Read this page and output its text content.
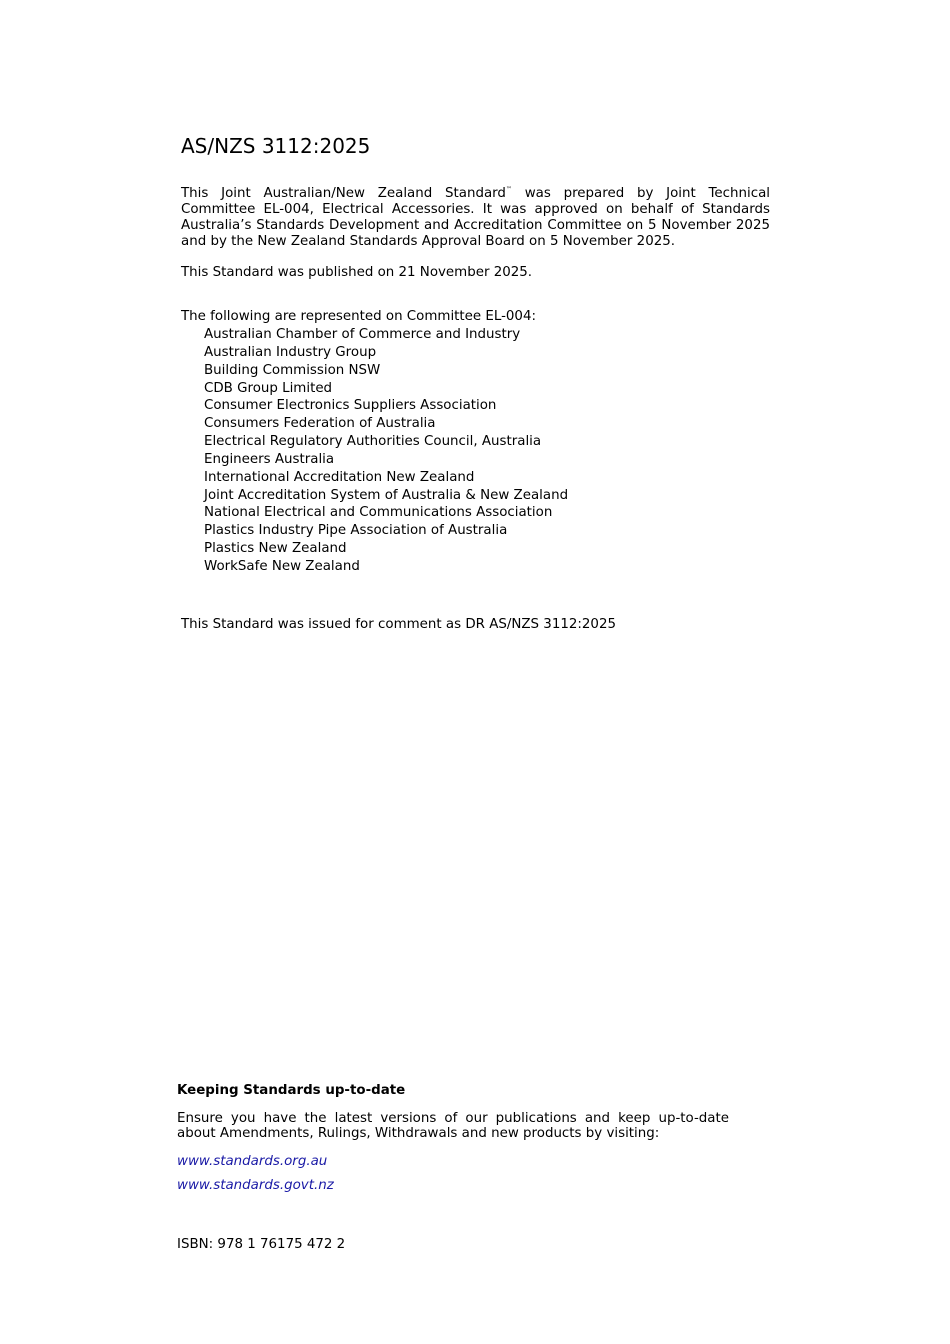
AS/NZS 3112:2025

This Joint Australian/New Zealand Standard™ was prepared by Joint Technical Committee EL-004, Electrical Accessories. It was approved on behalf of Standards Australia’s Standards Development and Accreditation Committee on 5 November 2025 and by the New Zealand Standards Approval Board on 5 November 2025.

This Standard was published on 21 November 2025.

The following are represented on Committee EL-004:

Australian Chamber of Commerce and Industry
Australian Industry Group
Building Commission NSW
CDB Group Limited
Consumer Electronics Suppliers Association
Consumers Federation of Australia
Electrical Regulatory Authorities Council, Australia
Engineers Australia
International Accreditation New Zealand
Joint Accreditation System of Australia & New Zealand
National Electrical and Communications Association
Plastics Industry Pipe Association of Australia
Plastics New Zealand
WorkSafe New Zealand

This Standard was issued for comment as DR AS/NZS 3112:2025

Keeping Standards up-to-date

Ensure you have the latest versions of our publications and keep up-to-date about Amendments, Rulings, Withdrawals and new products by visiting:

www.standards.org.au
www.standards.govt.nz

ISBN: 978 1 76175 472 2
